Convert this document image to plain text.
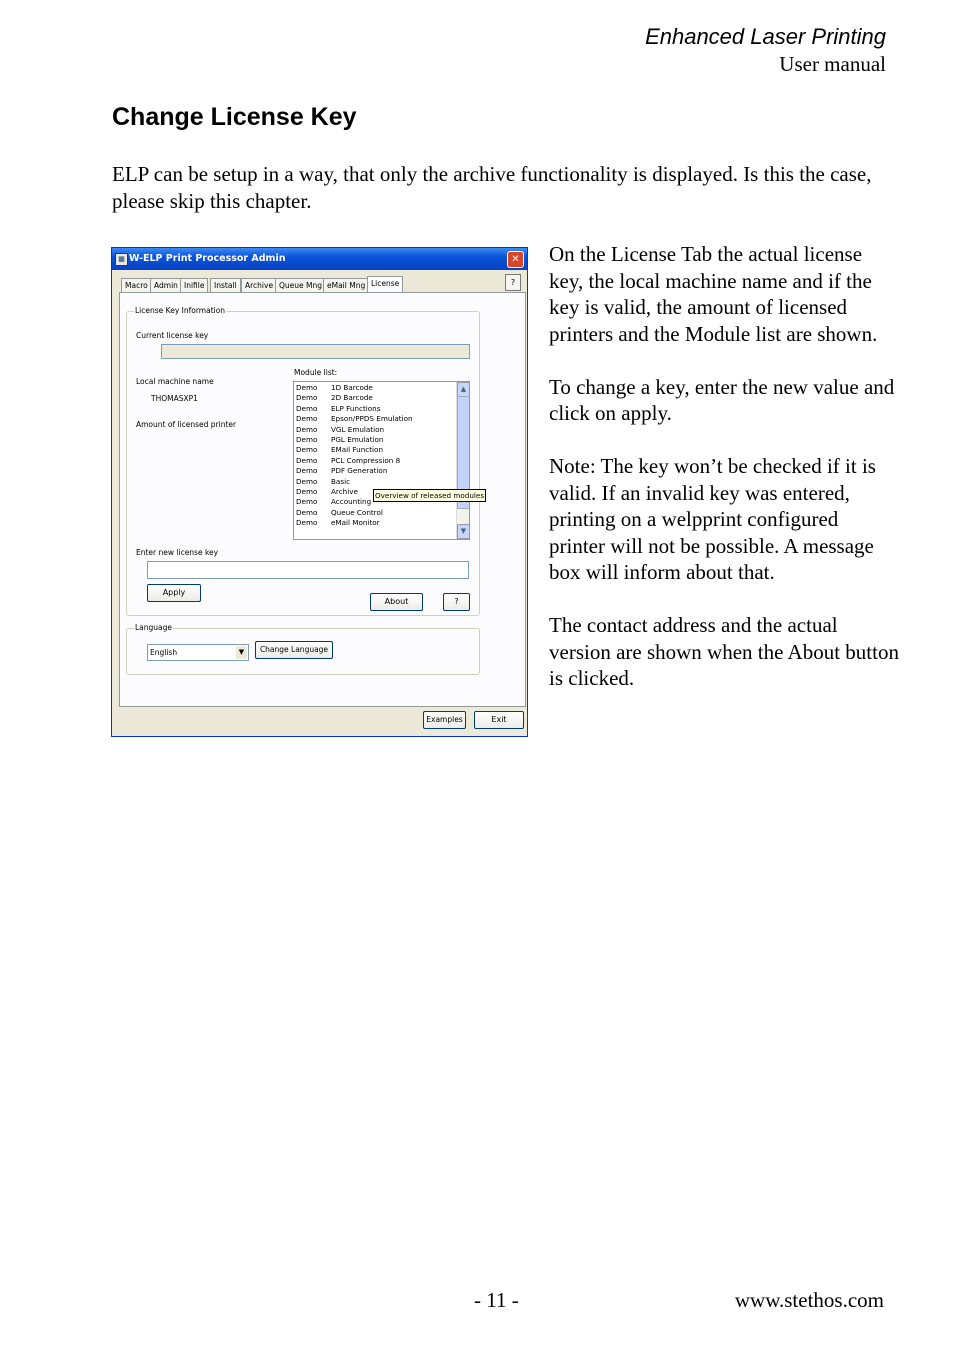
Enhanced Laser Printing
User manual
Change License Key
ELP can be setup in a way, that only the archive functionality is displayed. Is this the case, please skip this chapter.
▦ W-ELP Print Processor Admin	✕
Macro Admin Inifile	Install	Archive Queue Mng eMail Mng License	?
License Key Information
Current license key
Local machine name
THOMASXP1
Amount of licensed printer
Module list:
Demo 1D Barcode
Demo 2D Barcode
Demo ELP Functions
Demo Epson/PPDS Emulation
Demo VGL Emulation
Demo PGL Emulation
Demo EMail Function
Demo PCL Compression 8
Demo PDF Generation
Demo Basic
Demo Archive
Demo Accounting
Demo Queue Control
Demo eMail Monitor
▲
▼
Overview of released modules
Enter new license key
Apply
About	?
Language
English	▼	Change Language
Examples	Exit

On the License Tab the actual license key, the local machine name and if the key is valid, the amount of licensed printers and the Module list are shown.

To change a key, enter the new value and click on apply.

Note: The key won’t be checked if it is valid. If an invalid key was entered, printing on a welpprint configured printer will not be possible. A message box will inform about that.

The contact address and the actual version are shown when the About button is clicked.

- 11 -	www.stethos.com
